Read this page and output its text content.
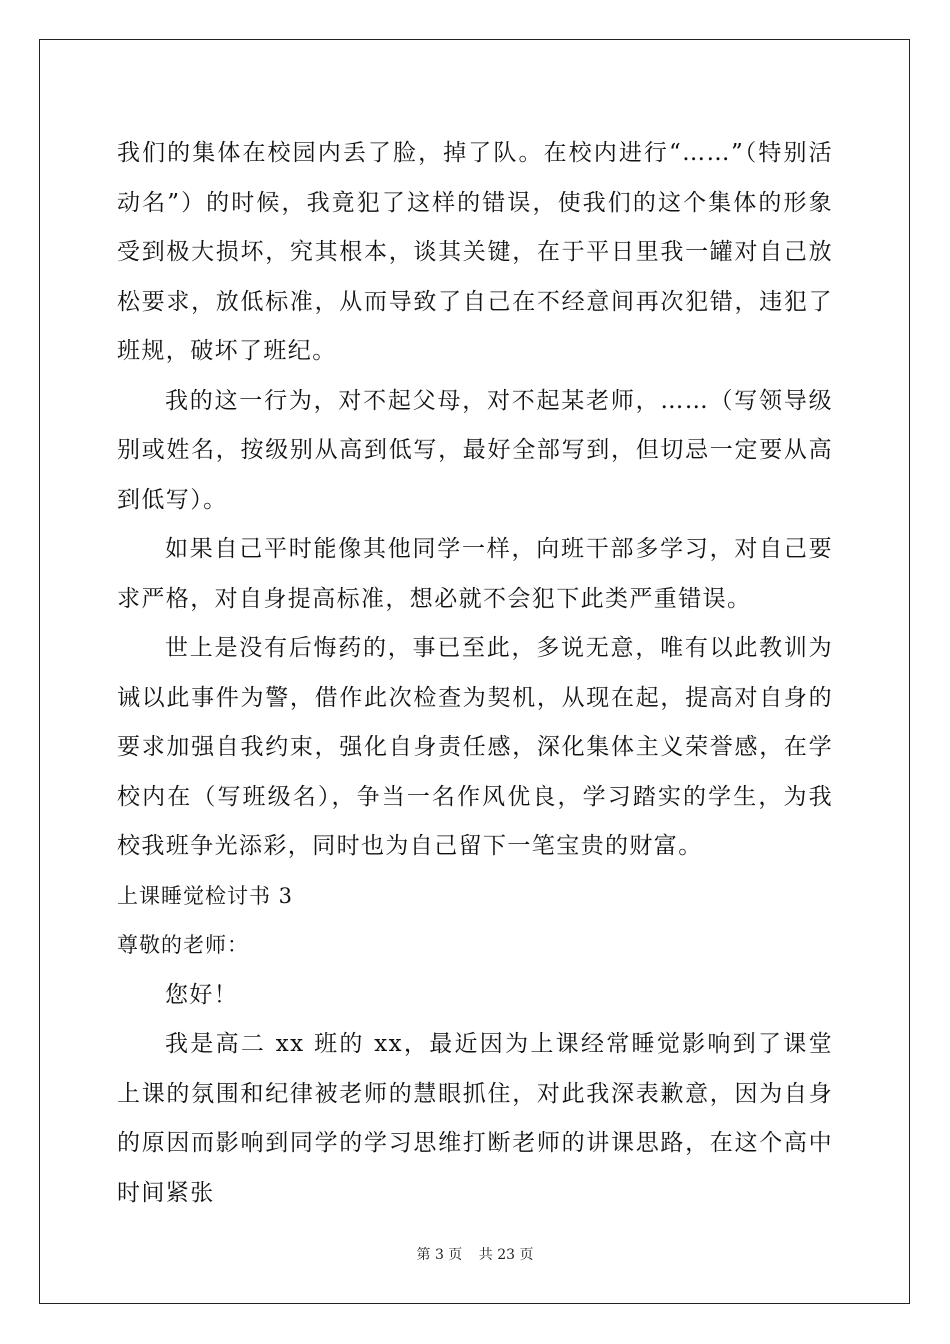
我们的集体在校园内丢了脸，掉了队。在校内进行“……”（特别活动名”）的时候，我竟犯了这样的错误，使我们的这个集体的形象受到极大损坏，究其根本，谈其关键，在于平日里我一罐对自己放松要求，放低标准，从而导致了自己在不经意间再次犯错，违犯了班规，破坏了班纪。

我的这一行为，对不起父母，对不起某老师，……（写领导级别或姓名，按级别从高到低写，最好全部写到，但切忌一定要从高到低写）。

如果自己平时能像其他同学一样，向班干部多学习，对自己要求严格，对自身提高标准，想必就不会犯下此类严重错误。

世上是没有后悔药的，事已至此，多说无意，唯有以此教训为诫以此事件为警，借作此次检查为契机，从现在起，提高对自身的要求加强自我约束，强化自身责任感，深化集体主义荣誉感，在学校内在（写班级名），争当一名作风优良，学习踏实的学生，为我校我班争光添彩，同时也为自己留下一笔宝贵的财富。

上课睡觉检讨书 3

尊敬的老师：

您好！

我是高二 xx 班的 xx，最近因为上课经常睡觉影响到了课堂上课的氛围和纪律被老师的慧眼抓住，对此我深表歉意，因为自身的原因而影响到同学的学习思维打断老师的讲课思路，在这个高中时间紧张

第 3 页 共 23 页
